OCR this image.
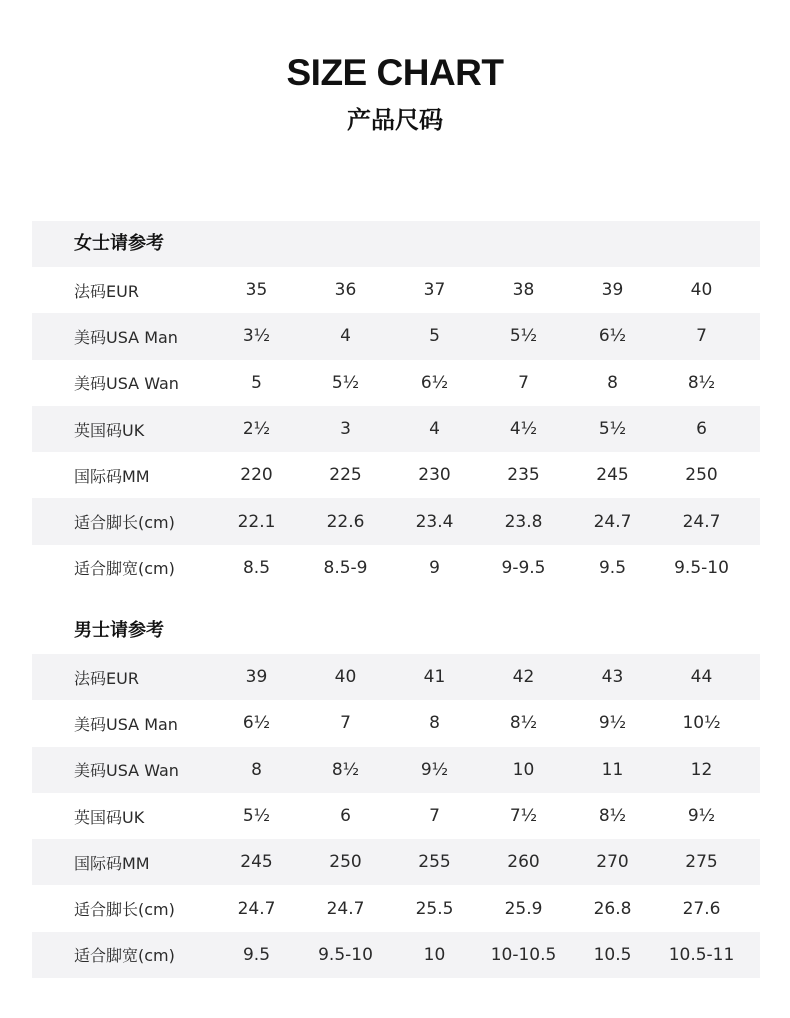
SIZE CHART
产品尺码
女士请参考
法码EUR	35	36	37	38	39	40
美码USA Man	3½	4	5	5½	6½	7
美码USA Wan	5	5½	6½	7	8	8½
英国码UK	2½	3	4	4½	5½	6
国际码MM	220	225	230	235	245	250
适合脚长(cm)	22.1	22.6	23.4	23.8	24.7	24.7
适合脚宽(cm)	8.5	8.5-9	9	9-9.5	9.5	9.5-10
男士请参考
法码EUR	39	40	41	42	43	44
美码USA Man	6½	7	8	8½	9½	10½
美码USA Wan	8	8½	9½	10	11	12
英国码UK	5½	6	7	7½	8½	9½
国际码MM	245	250	255	260	270	275
适合脚长(cm)	24.7	24.7	25.5	25.9	26.8	27.6
适合脚宽(cm)	9.5	9.5-10	10	10-10.5	10.5	10.5-11
